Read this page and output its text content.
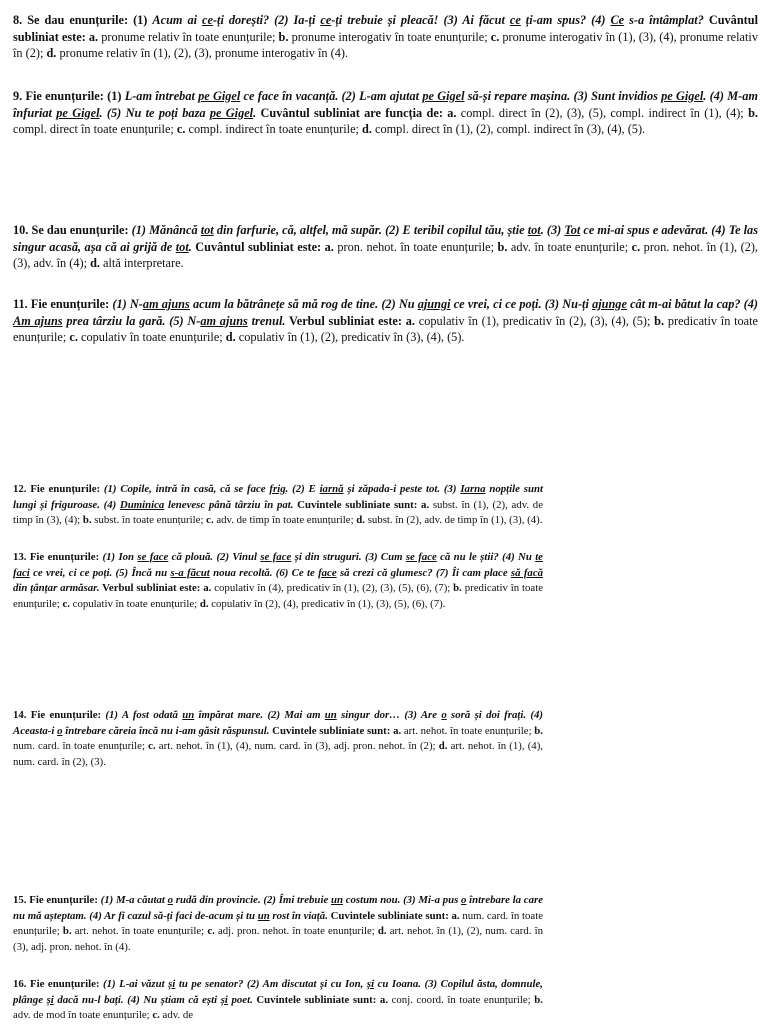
8. Se dau enunțurile: (1) Acum ai ce-ți dorești? (2) Ia-ți ce-ți trebuie și pleacă! (3) Ai făcut ce ți-am spus? (4) Ce s-a întâmplat? Cuvântul subliniat este: a. pronume relativ în toate enunțurile; b. pronume interogativ în toate enunțurile; c. pronume interogativ în (1), (3), (4), pronume relativ în (2); d. pronume relativ în (1), (2), (3), pronume interogativ în (4).

9. Fie enunțurile: (1) L-am întrebat pe Gigel ce face în vacanță. (2) L-am ajutat pe Gigel să-și repare mașina. (3) Sunt invidios pe Gigel. (4) M-am înfuriat pe Gigel. (5) Nu te poți baza pe Gigel. Cuvântul subliniat are funcția de: a. compl. direct în (2), (3), (5), compl. indirect în (1), (4); b. compl. direct în toate enunțurile; c. compl. indirect în toate enunțurile; d. compl. direct în (1), (2), compl. indirect în (3), (4), (5).

10. Se dau enunțurile: (1) Mănâncă tot din farfurie, că, altfel, mă supăr. (2) E teribil copilul tău, știe tot. (3) Tot ce mi-ai spus e adevărat. (4) Te las singur acasă, așa că ai grijă de tot. Cuvântul subliniat este: a. pron. nehot. în toate enunțurile; b. adv. în toate enunțurile; c. pron. nehot. în (1), (2), (3), adv. în (4); d. altă interpretare.

11. Fie enunțurile: (1) N-am ajuns acum la bătrânețe să mă rog de tine. (2) Nu ajungi ce vrei, ci ce poți. (3) Nu-ți ajunge cât m-ai bătut la cap? (4) Am ajuns prea târziu la gară. (5) N-am ajuns trenul. Verbul subliniat este: a. copulativ în (1), predicativ în (2), (3), (4), (5); b. predicativ în toate enunțurile; c. copulativ în toate enunțurile; d. copulativ în (1), (2), predicativ în (3), (4), (5).

12. Fie enunțurile: (1) Copile, intră în casă, că se face frig. (2) E iarnă și zăpada-i peste tot. (3) Iarna nopțile sunt lungi și friguroase. (4) Duminica lenevesc până târziu în pat. Cuvintele subliniate sunt: a. subst. în (1), (2), adv. de timp în (3), (4); b. subst. în toate enunțurile; c. adv. de timp în toate enunțurile; d. subst. în (2), adv. de timp în (1), (3), (4).

13. Fie enunțurile: (1) Ion se face că plouă. (2) Vinul se face și din struguri. (3) Cum se face că nu le știi? (4) Nu te faci ce vrei, ci ce poți. (5) Încă nu s-a făcut noua recoltă. (6) Ce te face să crezi că glumesc? (7) Îi cam place să facă din țânțar armăsar. Verbul subliniat este: a. copulativ în (4), predicativ în (1), (2), (3), (5), (6), (7); b. predicativ în toate enunțurile; c. copulativ în toate enunțurile; d. copulativ în (2), (4), predicativ în (1), (3), (5), (6), (7).

14. Fie enunțurile: (1) A fost odată un împărat mare. (2) Mai am un singur dor… (3) Are o soră și doi frați. (4) Aceasta-i o întrebare căreia încă nu i-am găsit răspunsul. Cuvintele subliniate sunt: a. art. nehot. în toate enunțurile; b. num. card. în toate enunțurile; c. art. nehot. în (1), (4), num. card. în (3), adj. pron. nehot. în (2); d. art. nehot. în (1), (4), num. card. în (2), (3).

15. Fie enunțurile: (1) M-a căutat o rudă din provincie. (2) Îmi trebuie un costum nou. (3) Mi-a pus o întrebare la care nu mă așteptam. (4) Ar fi cazul să-ți faci de-acum și tu un rost în viață. Cuvintele subliniate sunt: a. num. card. în toate enunțurile; b. art. nehot. în toate enunțurile; c. adj. pron. nehot. în toate enunțurile; d. art. nehot. în (1), (2), num. card. în (3), adj. pron. nehot. în (4).

16. Fie enunțurile: (1) L-ai văzut și tu pe senator? (2) Am discutat și cu Ion, și cu Ioana. (3) Copilul ăsta, domnule, plânge și dacă nu-l bați. (4) Nu știam că ești și poet. Cuvintele subliniate sunt: a. conj. coord. în toate enunțurile; b. adv. de mod în toate enunțurile; c. adv. de
